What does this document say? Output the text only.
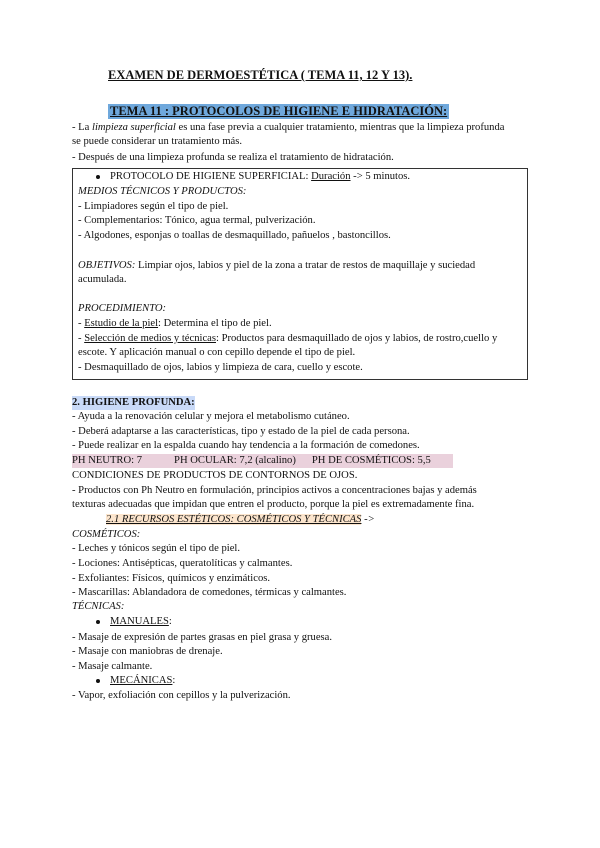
EXAMEN DE DERMOESTÉTICA ( TEMA 11, 12 Y 13).
TEMA 11 : PROTOCOLOS DE HIGIENE E HIDRATACIÓN:
- La limpieza superficial es una fase previa a cualquier tratamiento, mientras que la limpieza profunda
se puede considerar un tratamiento más.
- Después de una limpieza profunda se realiza el tratamiento de hidratación.
PROTOCOLO DE HIGIENE SUPERFICIAL: Duración -> 5 minutos.
MEDIOS TÉCNICOS Y PRODUCTOS:
- Limpiadores según el tipo de piel.
- Complementarios: Tónico, agua termal, pulverización.
- Algodones, esponjas o toallas de desmaquillado, pañuelos , bastoncillos.
OBJETIVOS: Limpiar ojos, labios y piel de la zona a tratar de restos de maquillaje y suciedad
acumulada.
PROCEDIMIENTO:
- Estudio de la piel: Determina el tipo de piel.
- Selección de medios y técnicas: Productos para desmaquillado de ojos y labios, de rostro,cuello y
escote. Y aplicación manual o con cepillo depende el tipo de piel.
- Desmaquillado de ojos, labios y limpieza de cara, cuello y escote.
2. HIGIENE PROFUNDA:
- Ayuda a la renovación celular y mejora el metabolismo cutáneo.
- Deberá adaptarse a las características, tipo y estado de la piel de cada persona.
- Puede realizar en la espalda cuando hay tendencia a la formación de comedones.
PH NEUTRO: 7	PH OCULAR: 7,2 (alcalino) PH DE COSMÉTICOS: 5,5
CONDICIONES DE PRODUCTOS DE CONTORNOS DE OJOS.
- Productos con Ph Neutro en formulación, principios activos a concentraciones bajas y además
texturas adecuadas que impidan que entren el producto, porque la piel es extremadamente fina.
2.1 RECURSOS ESTÉTICOS: COSMÉTICOS Y TÉCNICAS ->
COSMÉTICOS:
- Leches y tónicos según el tipo de piel.
- Lociones: Antisépticas, queratolíticas y calmantes.
- Exfoliantes: Físicos, químicos y enzimáticos.
- Mascarillas: Ablandadora de comedones, térmicas y calmantes.
TÉCNICAS:
MANUALES:
- Masaje de expresión de partes grasas en piel grasa y gruesa.
- Masaje con maniobras de drenaje.
- Masaje calmante.
MECÁNICAS:
- Vapor, exfoliación con cepillos y la pulverización.
